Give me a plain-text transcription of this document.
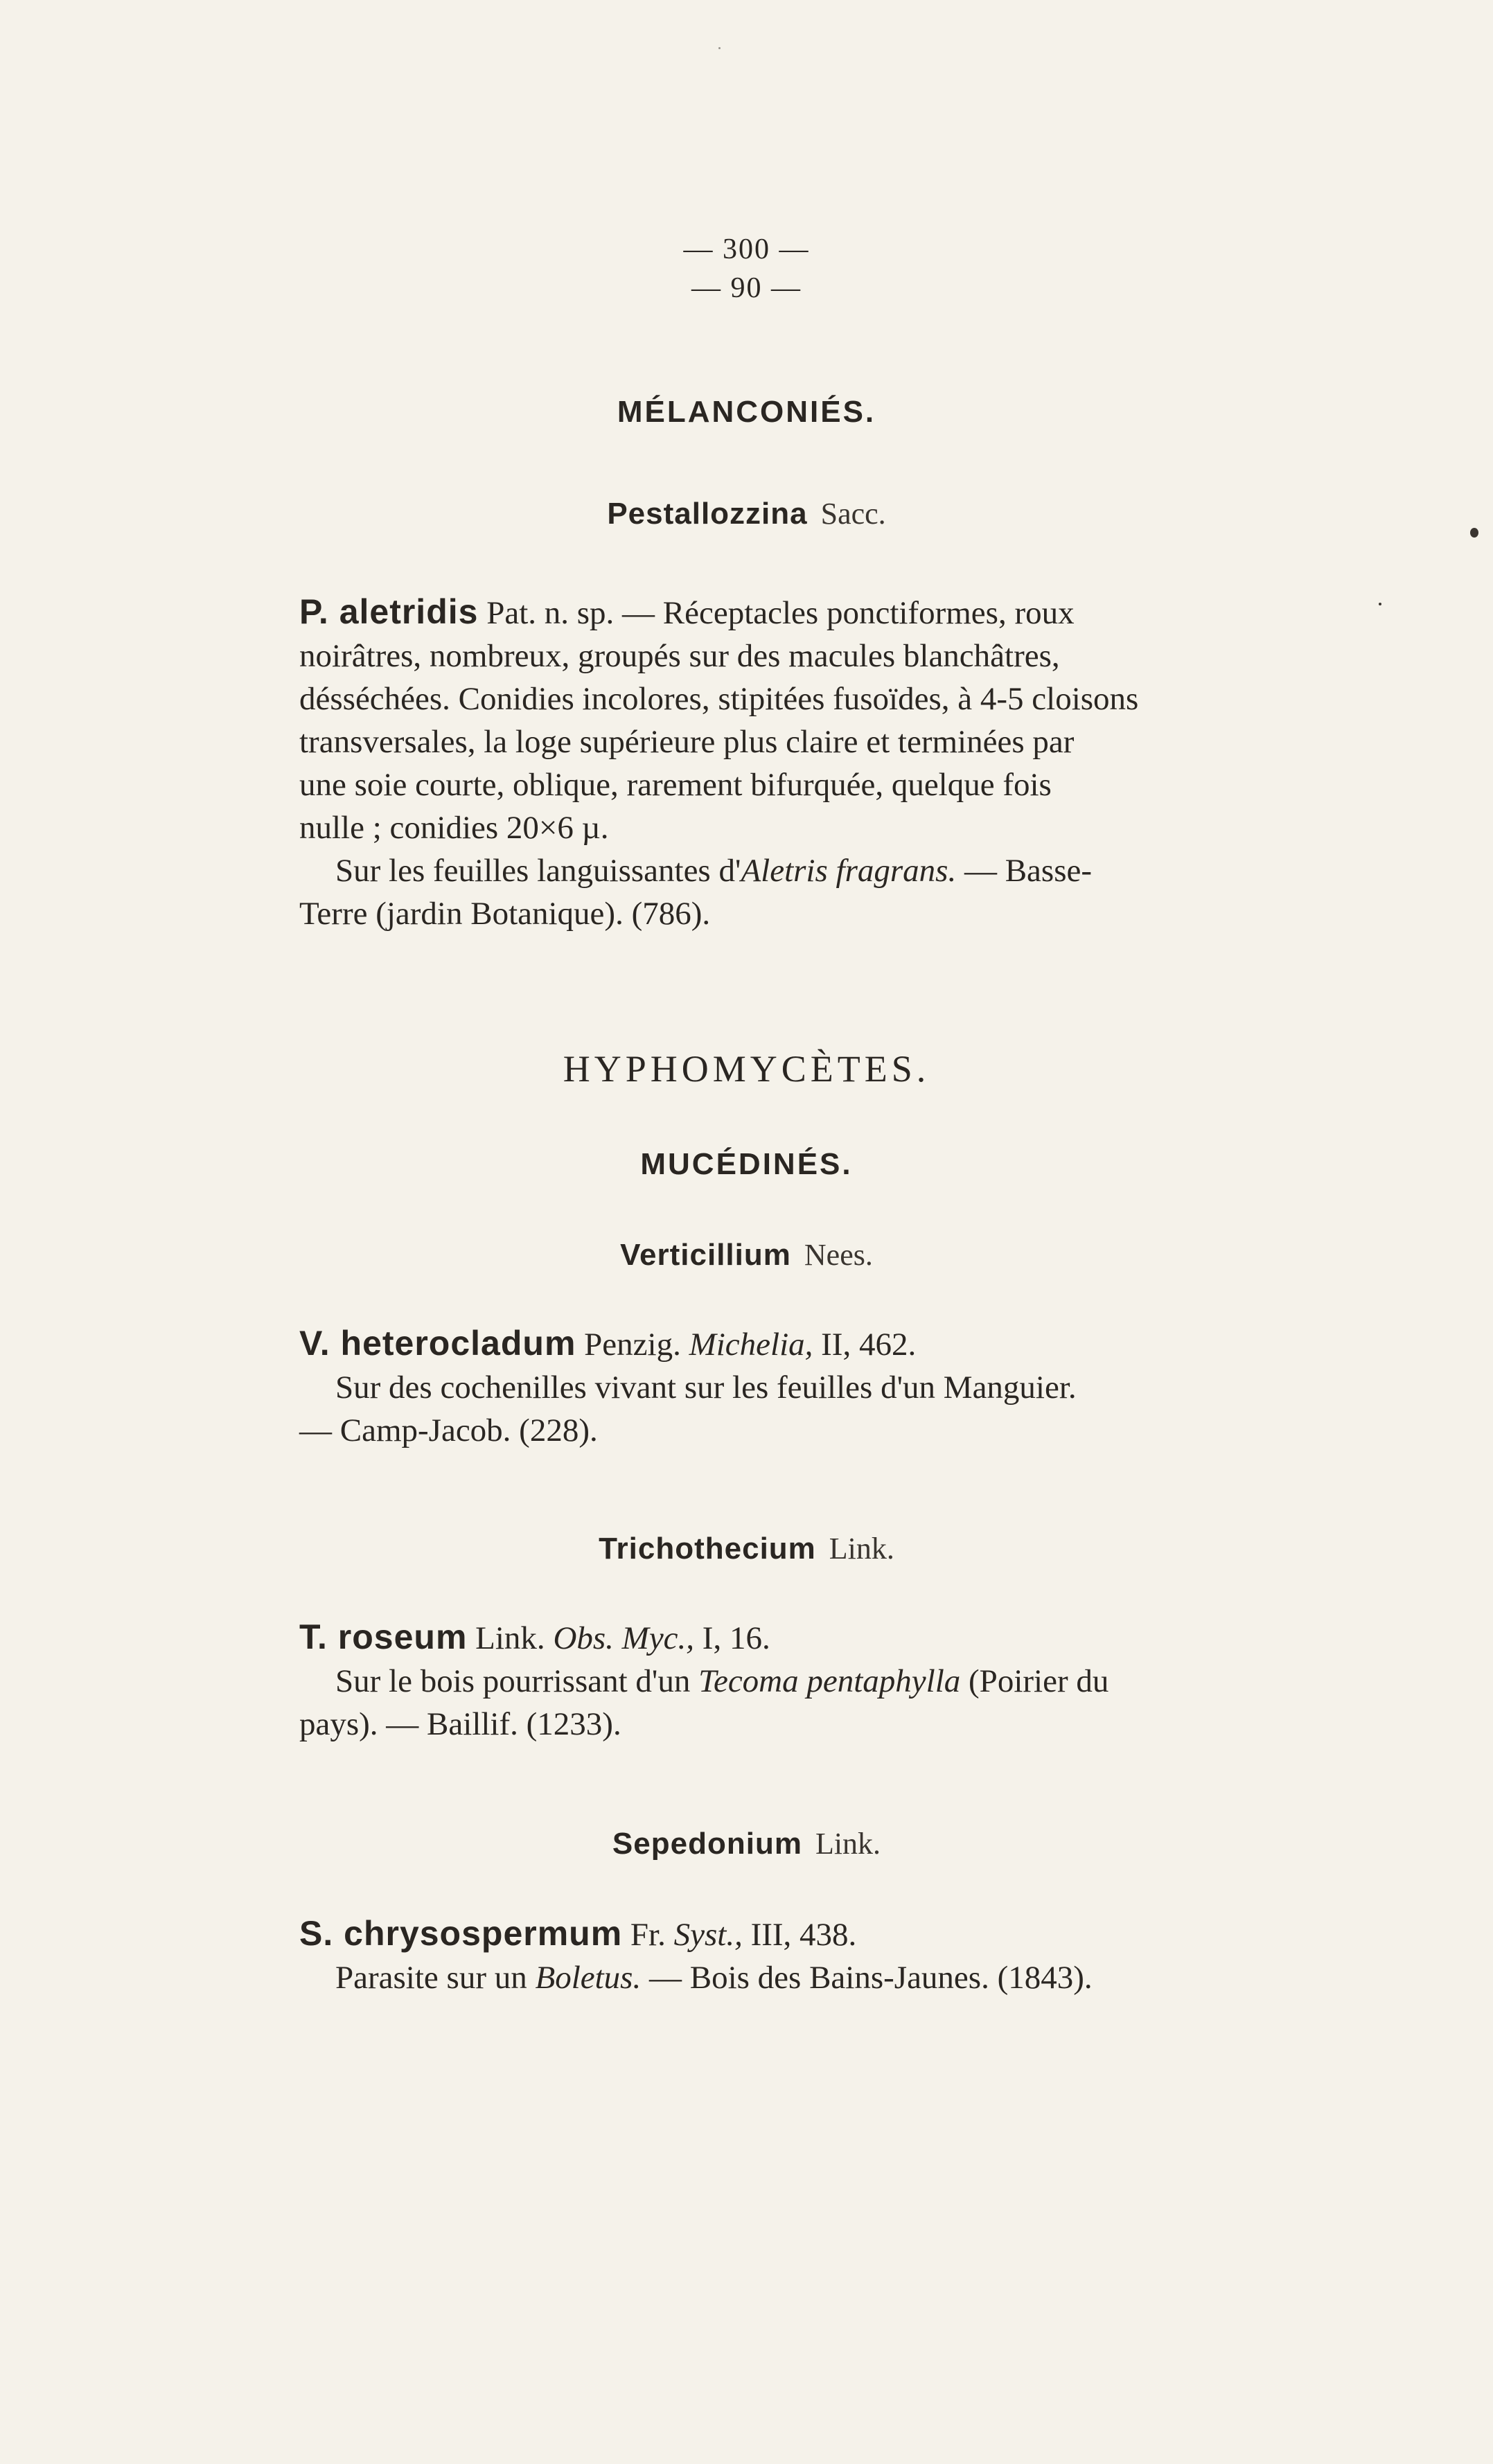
— 300 —
— 90 —
MÉLANCONIÉS.
Pestallozzina Sacc.
P. aletridis Pat. n. sp. — Réceptacles ponctiformes, roux
noirâtres, nombreux, groupés sur des macules blanchâtres,
désséchées. Conidies incolores, stipitées fusoïdes, à 4-5 cloisons
transversales, la loge supérieure plus claire et terminées par
une soie courte, oblique, rarement bifurquée, quelque fois
nulle ; conidies 20×6 µ.
Sur les feuilles languissantes d'Aletris fragrans. — Basse-
Terre (jardin Botanique). (786).
HYPHOMYCÈTES.
MUCÉDINÉS.
Verticillium Nees.
V. heterocladum Penzig. Michelia, II, 462.
Sur des cochenilles vivant sur les feuilles d'un Manguier.
— Camp-Jacob. (228).
Trichothecium Link.
T. roseum Link. Obs. Myc., I, 16.
Sur le bois pourrissant d'un Tecoma pentaphylla (Poirier du
pays). — Baillif. (1233).
Sepedonium Link.
S. chrysospermum Fr. Syst., III, 438.
Parasite sur un Boletus. — Bois des Bains-Jaunes. (1843).
